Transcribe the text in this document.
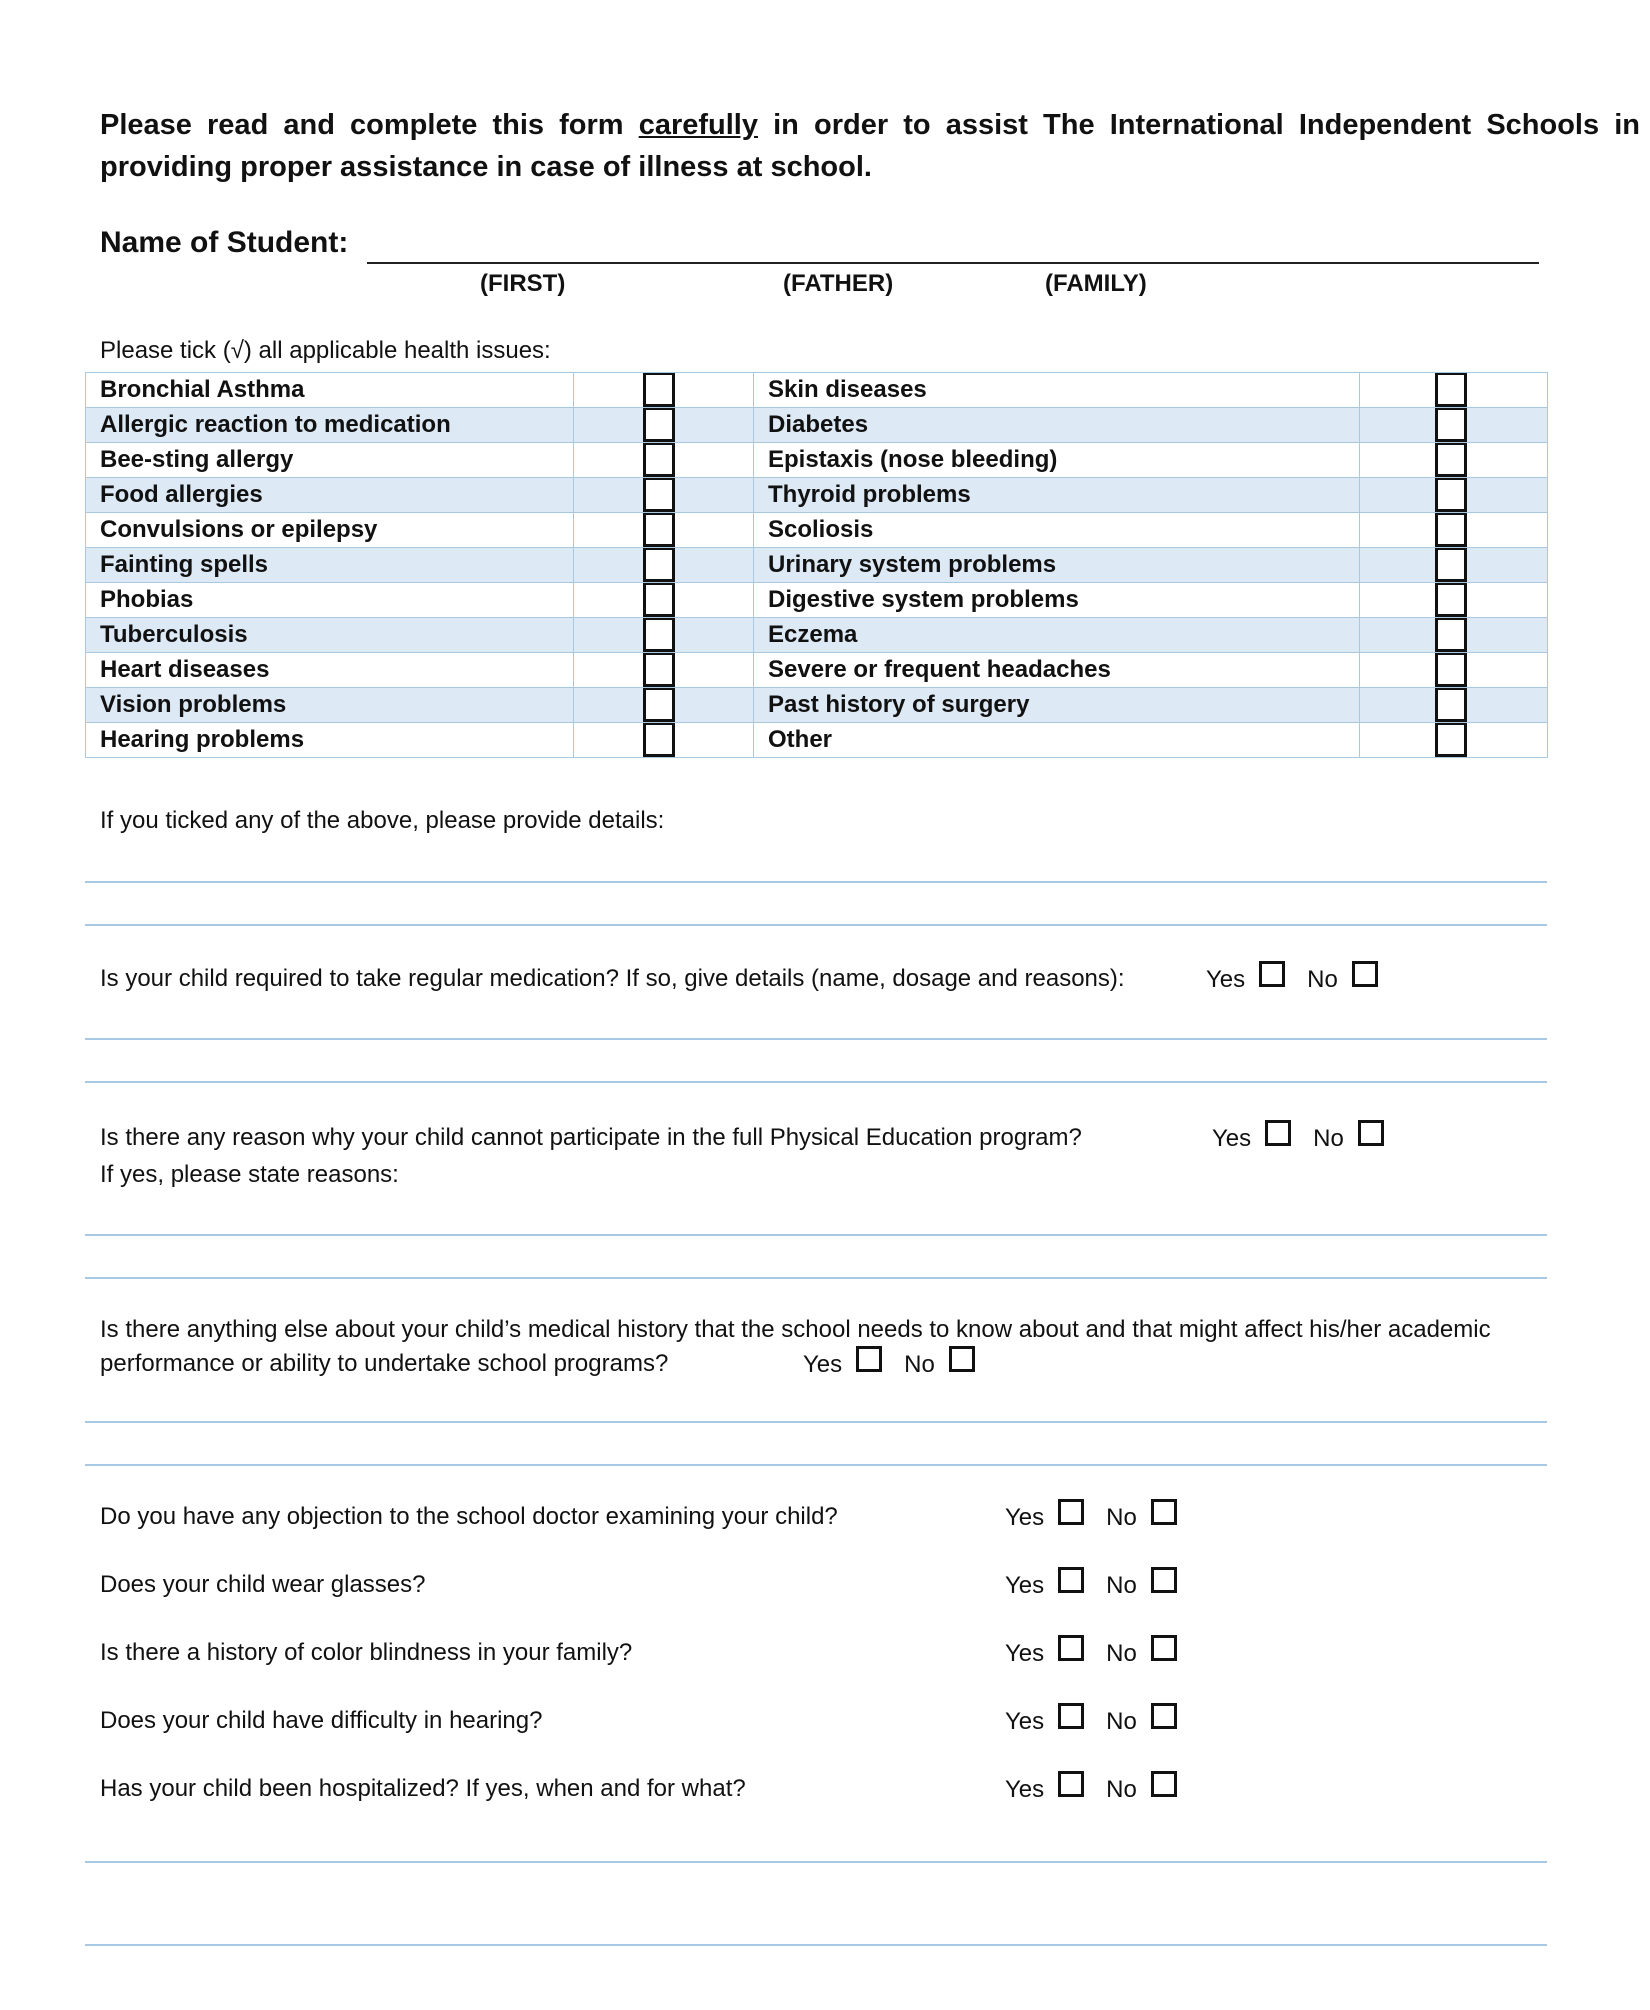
Please read and complete this form carefully in order to assist The International Independent Schools in providing proper assistance in case of illness at school.
Name of Student:
(FIRST)	(FATHER)	(FAMILY)
Please tick (√) all applicable health issues:
Bronchial Asthma		Skin diseases	

Allergic reaction to medication		Diabetes	

Bee-sting allergy		Epistaxis (nose bleeding)	

Food allergies		Thyroid problems	

Convulsions or epilepsy		Scoliosis	

Fainting spells		Urinary system problems	

Phobias		Digestive system problems	

Tuberculosis		Eczema	

Heart diseases		Severe or frequent headaches	

Vision problems		Past history of surgery	

Hearing problems		Other	
If you ticked any of the above, please provide details:
Is your child required to take regular medication? If so, give details (name, dosage and reasons):	Yes	No
Is there any reason why your child cannot participate in the full Physical Education program?	Yes	No
If yes, please state reasons:
Is there anything else about your child’s medical history that the school needs to know about and that might affect his/her academic
performance or ability to undertake school programs?	Yes	No
Do you have any objection to the school doctor examining your child?	Yes	No
Does your child wear glasses?	Yes	No
Is there a history of color blindness in your family?	Yes	No
Does your child have difficulty in hearing?	Yes	No
Has your child been hospitalized? If yes, when and for what?	Yes	No
